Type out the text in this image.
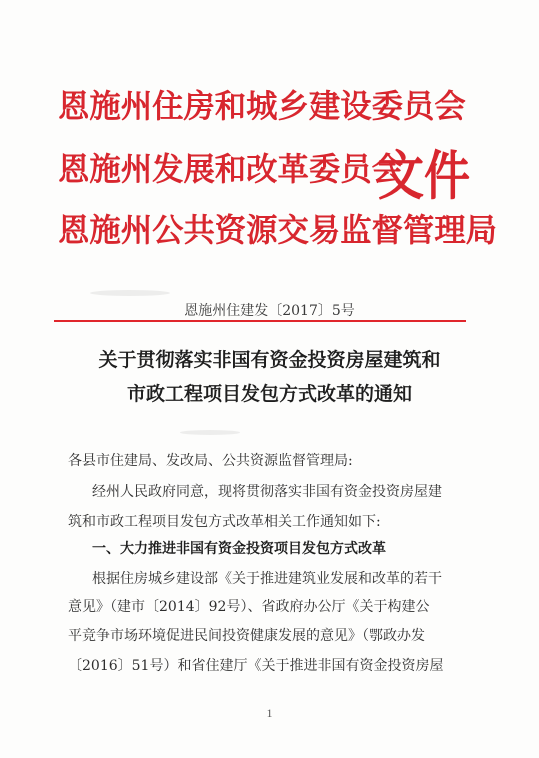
恩施州住房和城乡建设委员会
恩施州发展和改革委员会
恩施州公共资源交易监督管理局
文件
恩施州住建发〔2017〕5号
关于贯彻落实非国有资金投资房屋建筑和
市政工程项目发包方式改革的通知
各县市住建局、发改局、公共资源监督管理局:
经州人民政府同意，现将贯彻落实非国有资金投资房屋建
筑和市政工程项目发包方式改革相关工作通知如下:
一、大力推进非国有资金投资项目发包方式改革
根据住房城乡建设部《关于推进建筑业发展和改革的若干
意见》（建市〔2014〕92号）、省政府办公厅《关于构建公
平竞争市场环境促进民间投资健康发展的意见》（鄂政办发
〔2016〕51号）和省住建厅《关于推进非国有资金投资房屋
1
